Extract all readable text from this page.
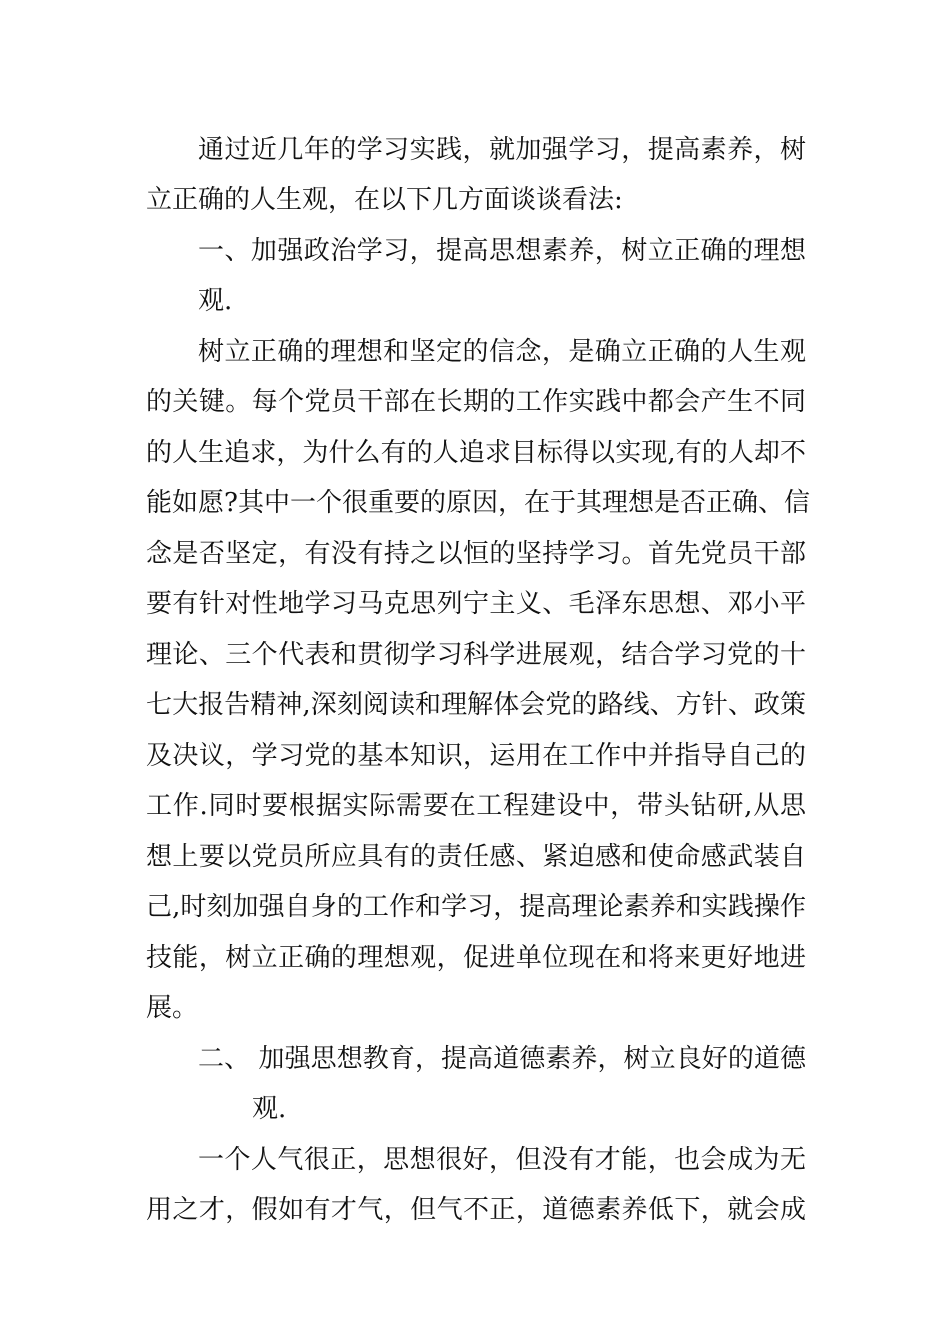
通过近几年的学习实践，就加强学习，提高素养，树
立正确的人生观，在以下几方面谈谈看法:
一、加强政治学习，提高思想素养，树立正确的理想
观.
树立正确的理想和坚定的信念，是确立正确的人生观
的关键。每个党员干部在长期的工作实践中都会产生不同
的人生追求，为什么有的人追求目标得以实现,有的人却不
能如愿?其中一个很重要的原因，在于其理想是否正确、信
念是否坚定，有没有持之以恒的坚持学习。首先党员干部
要有针对性地学习马克思列宁主义、毛泽东思想、邓小平
理论、三个代表和贯彻学习科学进展观，结合学习党的十
七大报告精神,深刻阅读和理解体会党的路线、方针、政策
及决议，学习党的基本知识，运用在工作中并指导自己的
工作.同时要根据实际需要在工程建设中，带头钻研,从思
想上要以党员所应具有的责任感、紧迫感和使命感武装自
己,时刻加强自身的工作和学习，提高理论素养和实践操作
技能，树立正确的理想观，促进单位现在和将来更好地进
展。
二、 加强思想教育，提高道德素养，树立良好的道德
观.
一个人气很正，思想很好，但没有才能，也会成为无
用之才，假如有才气，但气不正，道德素养低下，就会成
